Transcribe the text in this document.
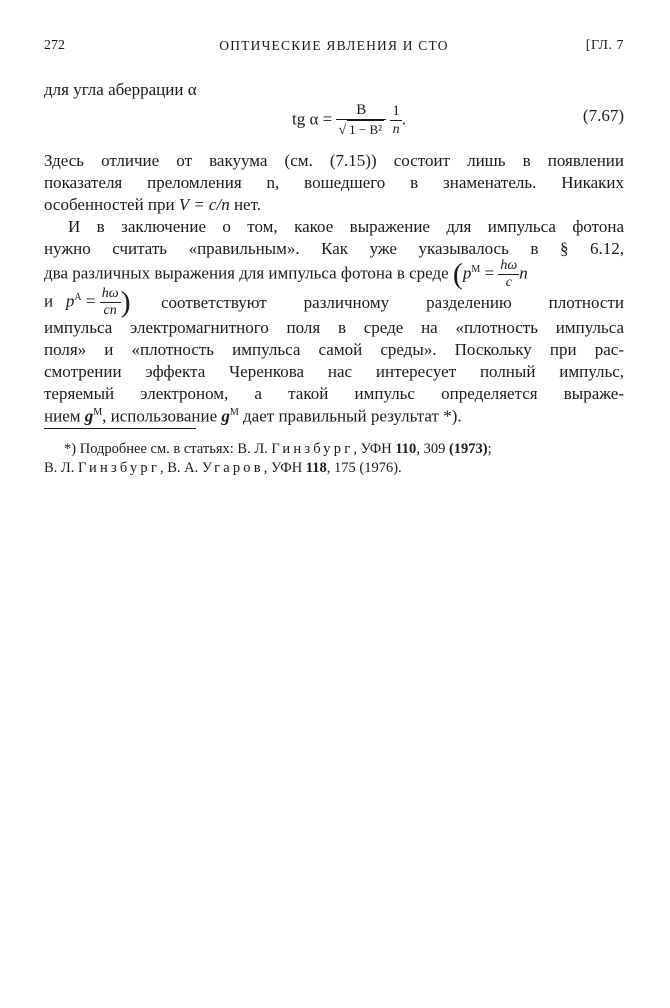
272	ОПТИЧЕСКИЕ ЯВЛЕНИЯ И СТО	[ГЛ. 7
для угла аберрации α
tg $\alpha = \frac{B}{\text{√ 1 − B²}}$
$\frac{1}{n}$ .	(7.67)
Здесь отличие от вакуума (см. (7.15)) состоит лишь в появлении
показателя преломления n, вошедшего в знаменатель. Никаких
особенностей при V = c/n нет.
И в заключение о том, какое выражение для импульса фотона
нужно считать «правильным». Как уже указывалось в § 6.12,
два различных выражения для импульса фотона в среде ($p^M = \frac{h\omega}{c}$ n
и $p^A = \frac{h\omega}{cn}$ ) соответствуют различному разделению плотности
импульса электромагнитного поля в среде на «плотность импульса
поля» и «плотность импульса самой среды». Поскольку при рас-
смотрении эффекта Черенкова нас интересует полный импульс,
теряемый электроном, а такой импульс определяется выраже-
нием $g^M$, использование $g^M$ дает правильный результат *).
*) Подробнее см. в статьях: В. Л. Гинзбург, УФН 110, 309 (1973);
В. Л. Гинзбург, В. А. Угаров, УФН 118, 175 (1976).
